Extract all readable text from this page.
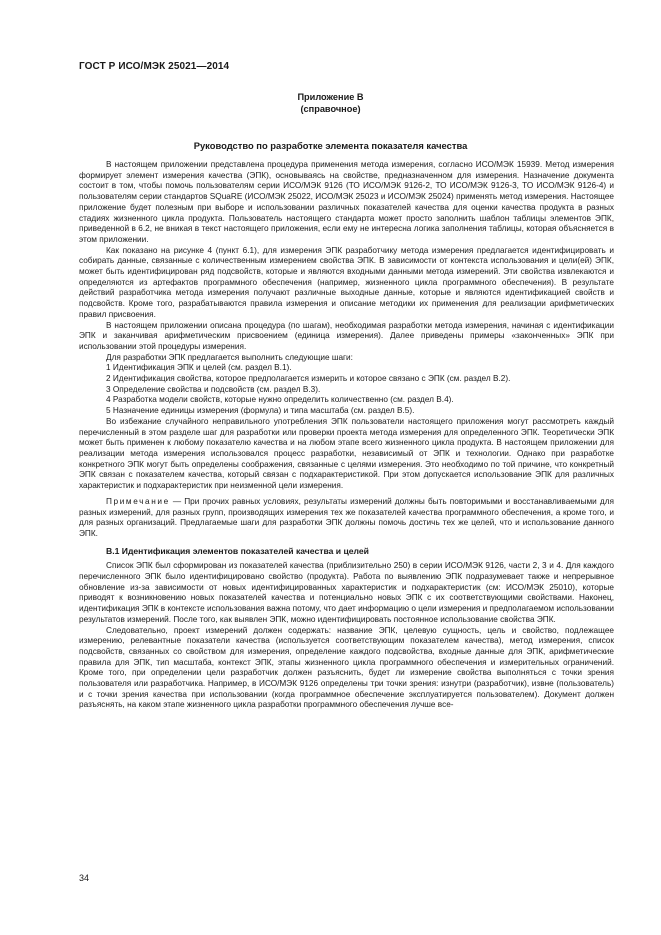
ГОСТ Р ИСО/МЭК 25021—2014
Приложение В
(справочное)
Руководство по разработке элемента показателя качества

В настоящем приложении представлена процедура применения метода измерения, согласно ИСО/МЭК 15939. Метод измерения формирует элемент измерения качества (ЭПК), основываясь на свойстве, предназначенном для измерения. Назначение документа состоит в том, чтобы помочь пользователям серии ИСО/МЭК 9126 (ТО ИСО/МЭК 9126-2, ТО ИСО/МЭК 9126-3, ТО ИСО/МЭК 9126-4) и пользователям серии стандартов SQuaRE (ИСО/МЭК 25022, ИСО/МЭК 25023 и ИСО/МЭК 25024) применять метод измерения. Настоящее приложение будет полезным при выборе и использовании различных показателей качества для оценки качества продукта в разных стадиях жизненного цикла продукта. Пользователь настоящего стандарта может просто заполнить шаблон таблицы элементов ЭПК, приведенной в 6.2, не вникая в текст настоящего приложения, если ему не интересна логика заполнения таблицы, которая объясняется в этом приложении.

Как показано на рисунке 4 (пункт 6.1), для измерения ЭПК разработчику метода измерения предлагается идентифицировать и собирать данные, связанные с количественным измерением свойства ЭПК. В зависимости от контекста использования и цели(ей) ЭПК, может быть идентифицирован ряд подсвойств, которые и являются входными данными метода измерений. Эти свойства извлекаются и определяются из артефактов программного обеспечения (например, жизненного цикла программного обеспечения). В результате действий разработчика метода измерения получают различные выходные данные, которые и являются идентификацией свойств и подсвойств. Кроме того, разрабатываются правила измерения и описание методики их применения для реализации арифметических правил присвоения.

В настоящем приложении описана процедура (по шагам), необходимая разработки метода измерения, начиная с идентификации ЭПК и заканчивая арифметическим присвоением (единица измерения). Далее приведены примеры «законченных» ЭПК при использовании этой процедуры измерения.

Для разработки ЭПК предлагается выполнить следующие шаги:

1 Идентификация ЭПК и целей (см. раздел В.1).

2 Идентификация свойства, которое предполагается измерить и которое связано с ЭПК (см. раздел В.2).

3 Определение свойства и подсвойств (см. раздел В.3).

4 Разработка модели свойств, которые нужно определить количественно (см. раздел В.4).

5 Назначение единицы измерения (формула) и типа масштаба (см. раздел В.5).

Во избежание случайного неправильного употребления ЭПК пользователи настоящего приложения могут рассмотреть каждый перечисленный в этом разделе шаг для разработки или проверки проекта метода измерения для определенного ЭПК. Теоретически ЭПК может быть применен к любому показателю качества и на любом этапе всего жизненного цикла продукта. В настоящем приложении для реализации метода измерения использовался процесс разработки, независимый от ЭПК и технологии. Однако при разработке конкретного ЭПК могут быть определены соображения, связанные с целями измерения. Это необходимо по той причине, что конкретный ЭПК связан с показателем качества, который связан с подхарактеристикой. При этом допускается использование ЭПК для различных характеристик и подхарактеристик при неизменной цели измерения.

Примечание — При прочих равных условиях, результаты измерений должны быть повторимыми и восстанавливаемыми для разных измерений, для разных групп, производящих измерения тех же показателей качества программного обеспечения, а кроме того, и для разных организаций. Предлагаемые шаги для разработки ЭПК должны помочь достичь тех же целей, что и использование данного ЭПК.

В.1 Идентификация элементов показателей качества и целей

Список ЭПК был сформирован из показателей качества (приблизительно 250) в серии ИСО/МЭК 9126, части 2, 3 и 4. Для каждого перечисленного ЭПК было идентифицировано свойство (продукта). Работа по выявлению ЭПК подразумевает также и непрерывное обновление из-за зависимости от новых идентифицированных характеристик и подхарактеристик (см: ИСО/МЭК 25010), которые приводят к возникновению новых показателей качества и потенциально новых ЭПК с их соответствующими свойствами. Наконец, идентификация ЭПК в контексте использования важна потому, что дает информацию о цели измерения и предполагаемом использовании результатов измерений. После того, как выявлен ЭПК, можно идентифицировать постоянное использование свойства ЭПК.

Следовательно, проект измерений должен содержать: название ЭПК, целевую сущность, цель и свойство, подлежащее измерению, релевантные показатели качества (используется соответствующим показателем качества), метод измерения, список подсвойств, связанных со свойством для измерения, определение каждого подсвойства, входные данные для ЭПК, арифметические правила для ЭПК, тип масштаба, контекст ЭПК, этапы жизненного цикла программного обеспечения и измерительных ограничений. Кроме того, при определении цели разработчик должен разъяснить, будет ли измерение свойства выполняться с точки зрения пользователя или разработчика. Например, в ИСО/МЭК 9126 определены три точки зрения: изнутри (разработчик), извне (пользователь) и с точки зрения качества при использовании (когда программное обеспечение эксплуатируется пользователем). Документ должен разъяснять, на каком этапе жизненного цикла разработки программного обеспечения лучше все-

34
